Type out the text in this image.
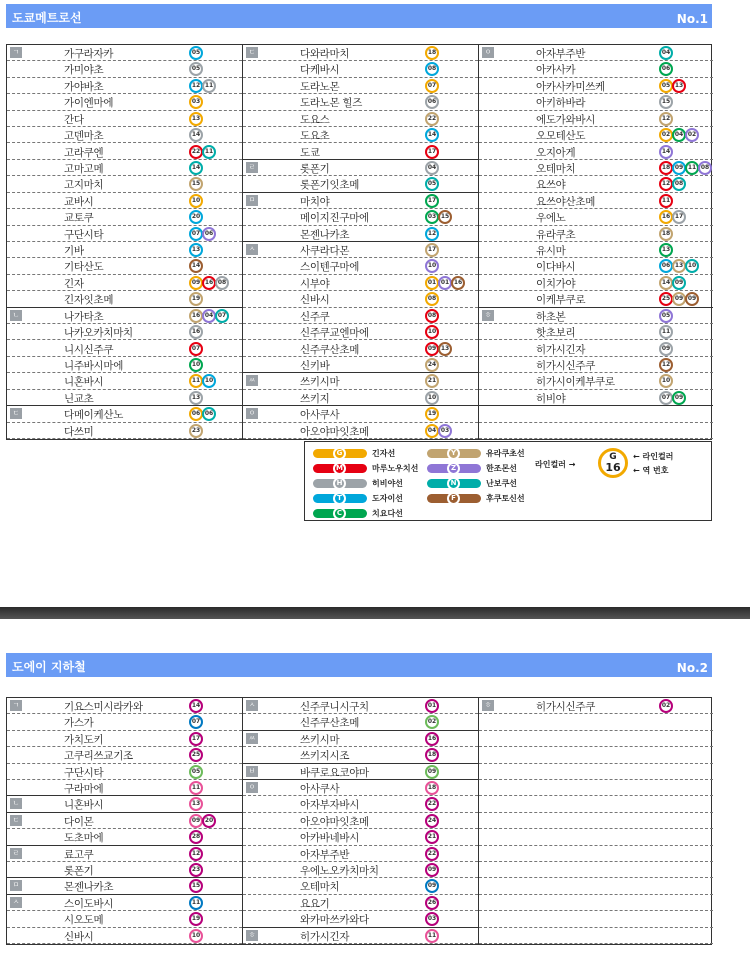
도쿄메트로선	No.1
ㄱ	가구라자카	05
가미야초	05
가야바초	12 11
가이엔마에	03
간다	13
고덴마초	14
고라쿠엔	22 11
고마고메	14
고지마치	15
교바시	10
교토쿠	20
구단시타	07 06
기바	13
기타산도	14
긴자	09 16 08
긴자잇초메	19
ㄴ	나가타초	16 04 07
나카오카치마치	16
니시신주쿠	07
니주바시마에	10
니혼바시	11 10
닌교초	13
ㄷ	다메이케산노	06 06
다쓰미	23
ㄷ	다와라마치	18
다케바시	08
도라노몬	07
도라노몬 힐즈	06
도요스	22
도요초	14
도쿄	17
ㄹ	롯폰기	04
롯폰기잇초메	05
ㅁ	마치야	17
메이지진구마에	03 15
몬젠나카초	12
ㅅ	사쿠라다몬	17
스이텐구마에	10
시부야	01 01 16
신바시	08
신주쿠	08
신주쿠교엔마에	10
신주쿠산초메	09 13
신키바	24
ㅆ	쓰키시마	21
쓰키지	10
ㅇ	아사쿠사	19
아오야마잇초메	04 03
ㅇ	아자부주반	04
아카사카	06
아카사카미쓰케	05 13
아키하바라	15
에도가와바시	12
오모테산도	02 04 02
오지아게	14
오테마치	18 09 11 08
요쓰야	12 08
요쓰야산초메	11
우에노	16 17
유라쿠초	18
유시마	13
이다바시	06 13 10
이치가야	14 09
이케부쿠로	25 09 09
ㅎ	하초본	05
핫초보리	11
히가시긴자	09
히가시신주쿠	12
히가시이케부쿠로	10
히비야	07 09
G	긴자선
M	마루노우치선
H	히비야선
T	도자이선
C	치요다선
Y	유라쿠초선
Z	한조몬선
N	난보쿠선
F	후쿠토신선
G
16
라인컬러 →
← 라인컬러
← 역 번호
도에이 지하철	No.2
ㄱ	기요스미시라카와	14
가스가	07
가치도키	17
고쿠리쓰교기조	25
구단시타	05
구라마에	11
ㄴ	니혼바시	13
ㄷ	다이몬	09 20
도초마에	28
ㄹ	료고쿠	12
롯폰기	23
ㅁ	몬젠나카초	15
ㅅ	스이도바시	11
시오도메	19
신바시	10
ㅅ	신주쿠니시구치	01
신주쿠산초메	02
ㅆ	쓰키시마	16
쓰키지시조	18
ㅂ	바쿠로요코야마	09
ㅇ	아사쿠사	18
아자부자바시	22
아오야마잇초메	24
아카바네바시	21
아자부주반	22
우에노오카치마치	09
오테마치	09
요요기	26
와카마쓰카와다	03
ㅎ	히가시긴자	11
ㅎ	히가시신주쿠	02
